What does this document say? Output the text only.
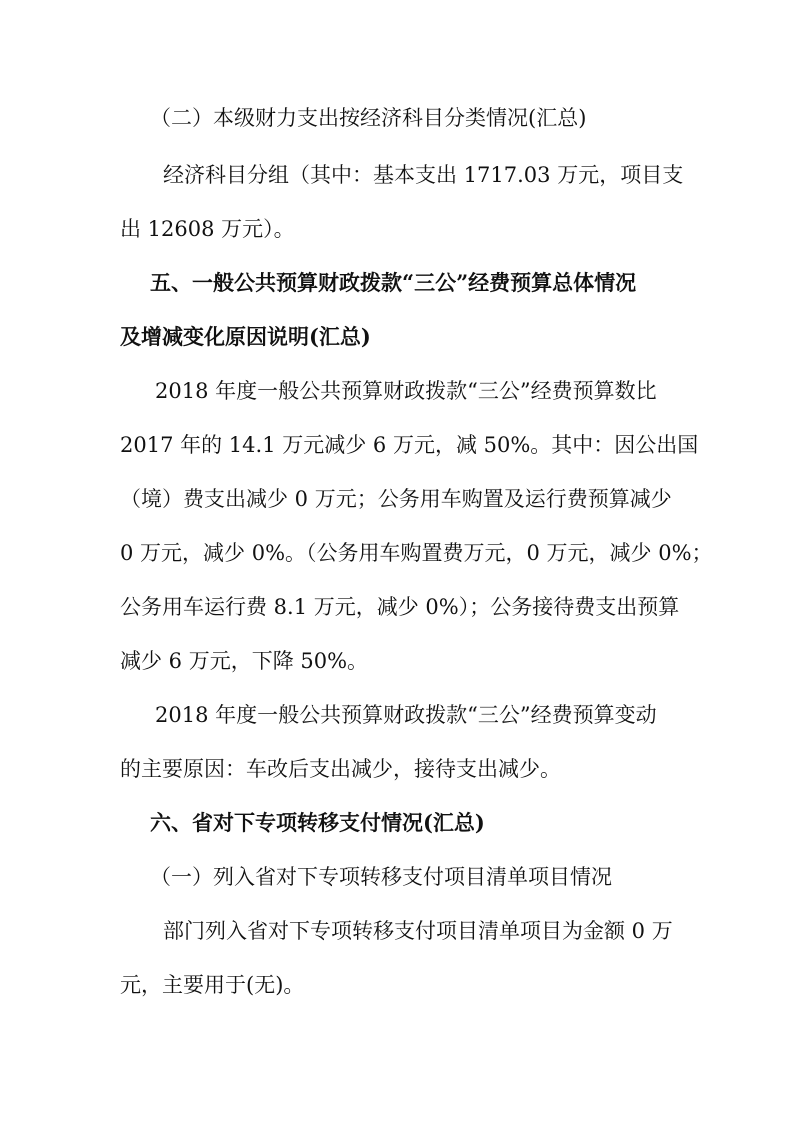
（二）本级财力支出按经济科目分类情况(汇总)
经济科目分组（其中：基本支出 1717.03 万元，项目支
出 12608 万元）。
五、一般公共预算财政拨款“三公”经费预算总体情况
及增减变化原因说明(汇总)
2018 年度一般公共预算财政拨款“三公”经费预算数比
2017 年的 14.1 万元减少 6 万元，减 50%。其中：因公出国
（境）费支出减少 0 万元；公务用车购置及运行费预算减少
0 万元，减少 0%。（公务用车购置费万元，0 万元，减少 0%；
公务用车运行费 8.1 万元，减少 0%）；公务接待费支出预算
减少 6 万元，下降 50%。
2018 年度一般公共预算财政拨款“三公”经费预算变动
的主要原因：车改后支出减少，接待支出减少。
六、省对下专项转移支付情况(汇总)
（一）列入省对下专项转移支付项目清单项目情况
部门列入省对下专项转移支付项目清单项目为金额 0 万
元，主要用于(无)。
